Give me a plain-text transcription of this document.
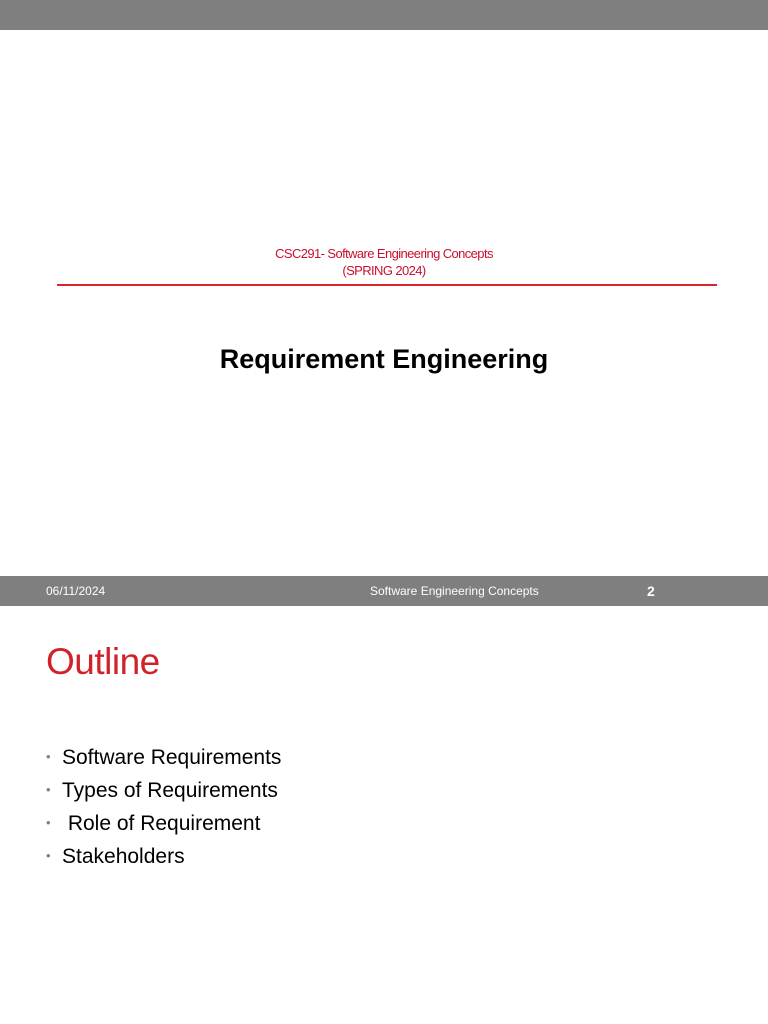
CSC291- Software Engineering Concepts
(SPRING 2024)
Requirement Engineering
06/11/2024	Software Engineering Concepts	2
Outline
• Software Requirements
• Types of Requirements
• Role of Requirement
• Stakeholders
